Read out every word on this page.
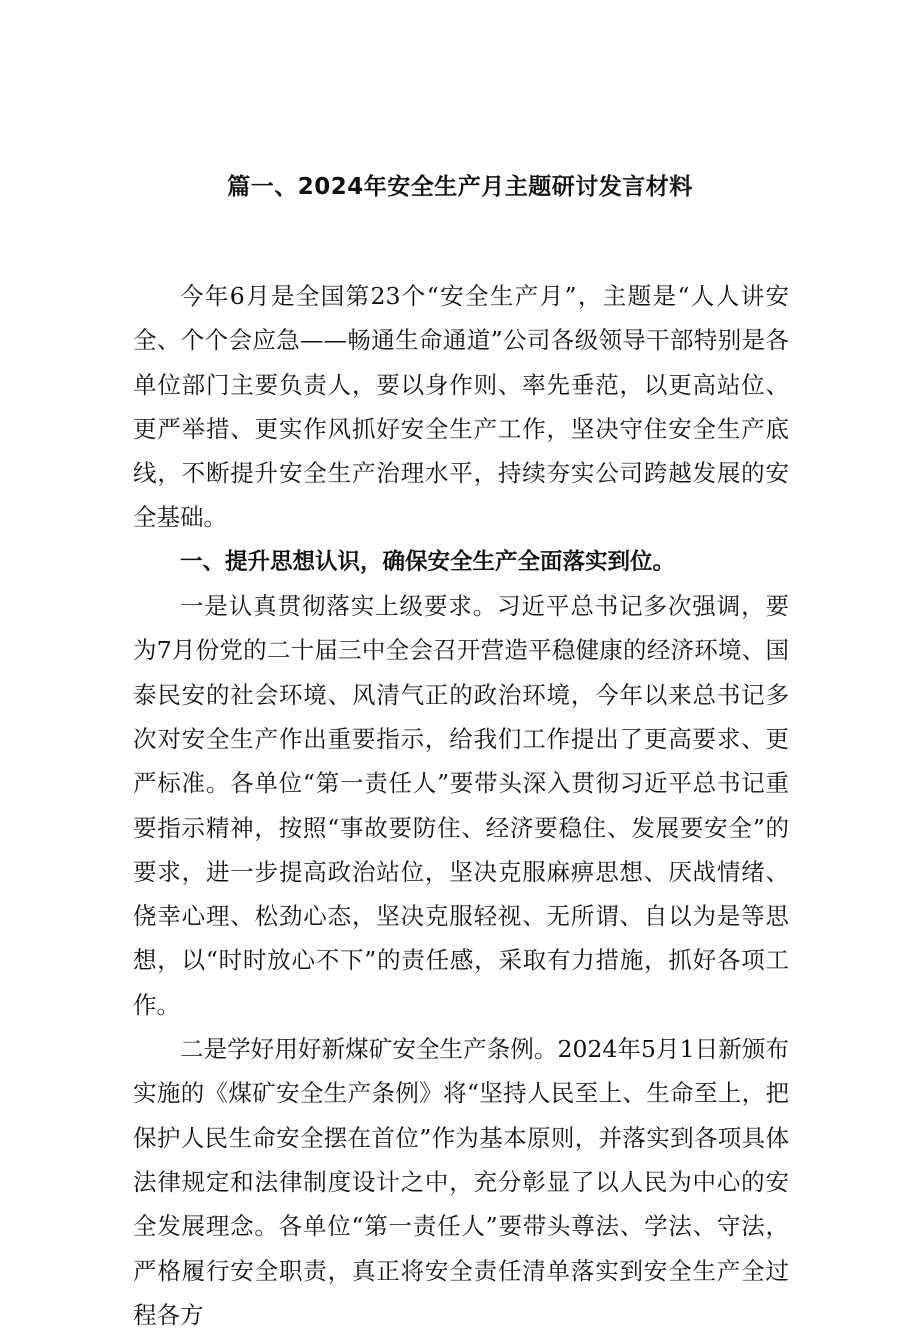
篇一、2024年安全生产月主题研讨发言材料

今年6月是全国第23个“安全生产月”，主题是“人人讲安全、个个会应急——畅通生命通道”公司各级领导干部特别是各单位部门主要负责人，要以身作则、率先垂范，以更高站位、更严举措、更实作风抓好安全生产工作，坚决守住安全生产底线，不断提升安全生产治理水平，持续夯实公司跨越发展的安全基础。

一、提升思想认识，确保安全生产全面落实到位。

一是认真贯彻落实上级要求。习近平总书记多次强调，要为7月份党的二十届三中全会召开营造平稳健康的经济环境、国泰民安的社会环境、风清气正的政治环境，今年以来总书记多次对安全生产作出重要指示，给我们工作提出了更高要求、更严标准。各单位“第一责任人”要带头深入贯彻习近平总书记重要指示精神，按照“事故要防住、经济要稳住、发展要安全”的要求，进一步提高政治站位，坚决克服麻痹思想、厌战情绪、侥幸心理、松劲心态，坚决克服轻视、无所谓、自以为是等思想，以“时时放心不下”的责任感，采取有力措施，抓好各项工作。

二是学好用好新煤矿安全生产条例。2024年5月1日新颁布实施的《煤矿安全生产条例》将“坚持人民至上、生命至上，把保护人民生命安全摆在首位”作为基本原则，并落实到各项具体法律规定和法律制度设计之中，充分彰显了以人民为中心的安全发展理念。各单位“第一责任人”要带头尊法、学法、守法，严格履行安全职责，真正将安全责任清单落实到安全生产全过程各方
